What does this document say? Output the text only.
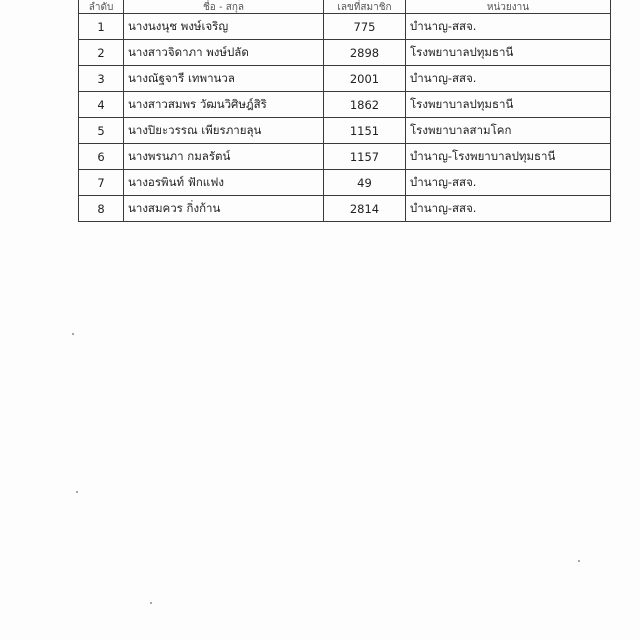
ลำดับ	ชื่อ - สกุล	เลขที่สมาชิก	หน่วยงาน
1	นางนงนุช พงษ์เจริญ	775	บำนาญ-สสจ.
2	นางสาวจิดาภา พงษ์ปลัด	2898	โรงพยาบาลปทุมธานี
3	นางณัฐจารี เทพานวล	2001	บำนาญ-สสจ.
4	นางสาวสมพร วัฒนวิศิษฎ์สิริ	1862	โรงพยาบาลปทุมธานี
5	นางปิยะวรรณ เพียรภายลุน	1151	โรงพยาบาลสามโคก
6	นางพรนภา กมลรัตน์	1157	บำนาญ-โรงพยาบาลปทุมธานี
7	นางอรพินท์ ฟักแฟง	49	บำนาญ-สสจ.
8	นางสมควร กิ่งก้าน	2814	บำนาญ-สสจ.
